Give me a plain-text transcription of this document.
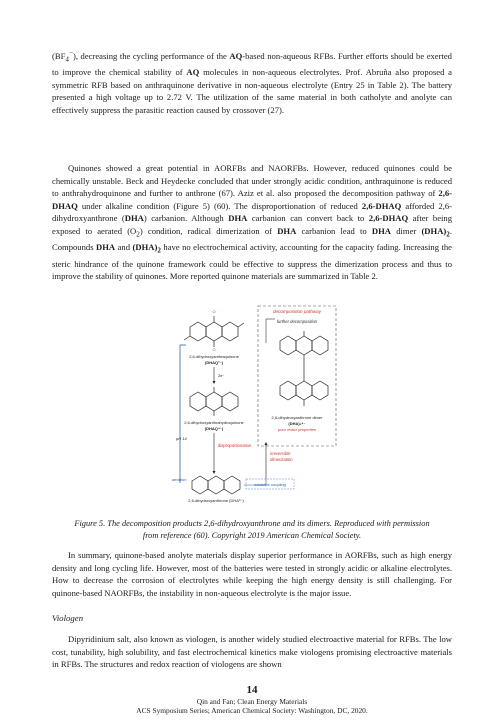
$(BF_4^-)$, decreasing the cycling performance of the AQ-based non-aqueous RFBs. Further efforts should be exerted to improve the chemical stability of AQ molecules in non-aqueous electrolytes. Prof. Abruña also proposed a symmetric RFB based on anthraquinone derivative in non-aqueous electrolyte (Entry 25 in Table 2). The battery presented a high voltage up to 2.72 V. The utilization of the same material in both catholyte and anolyte can effectively suppress the parasitic reaction caused by crossover (27).

Quinones showed a great potential in AORFBs and NAORFBs. However, reduced quinones could be chemically unstable. Beck and Heydecke concluded that under strongly acidic condition, anthraquinone is reduced to anthrahydroquinone and further to anthrone (67). Aziz et al. also proposed the decomposition pathway of 2,6-DHAQ under alkaline condition (Figure 5) (60). The disproportionation of reduced 2,6-DHAQ afforded 2,6-dihydroxyanthrone (DHA) carbanion. Although DHA carbanion can convert back to 2,6-DHAQ after being exposed to aerated $(O_2)$ condition, radical dimerization of DHA carbanion lead to DHA dimer $(DHA)_2$. Compounds DHA and $(DHA)_2$ have no electrochemical activity, accounting for the capacity fading. Increasing the steric hindrance of the quinone framework could be effective to suppress the dimerization process and thus to improve the stability of quinones. More reported quinone materials are summarized in Table 2.

decomposition pathway
further decomposition
O
O
2,6-dihydroxyanthraquinone
(DHAQ²⁻)
2e⁻
2,6-dihydroxyanthrahydroquinone
(DHAQ⁴⁻)
2,6-dihydroxyanthrone dimer
(DHA)₂⁴⁻
poor redox properties
pH 14
disproportionation
irreversible
dimerization
aeration
2,6-dihydroxyanthrone (DHA³⁻)
oxidative coupling

Figure 5. The decomposition products 2,6-dihydroxyanthrone and its dimers. Reproduced with permission
from reference (60). Copyright 2019 American Chemical Society.

In summary, quinone-based anolyte materials display superior performance in AORFBs, such as high energy density and long cycling life. However, most of the batteries were tested in strongly acidic or alkaline electrolytes. How to decrease the corrosion of electrolytes while keeping the high energy density is still challenging. For quinone-based NAORFBs, the instability in non-aqueous electrolyte is the major issue.

Viologen

Dipyridinium salt, also known as viologen, is another widely studied electroactive material for RFBs. The low cost, tunability, high solubility, and fast electrochemical kinetics make viologens promising electroactive materials in RFBs. The structures and redox reaction of viologens are shown

14
Qin and Fan; Clean Energy Materials
ACS Symposium Series; American Chemical Society: Washington, DC, 2020.
